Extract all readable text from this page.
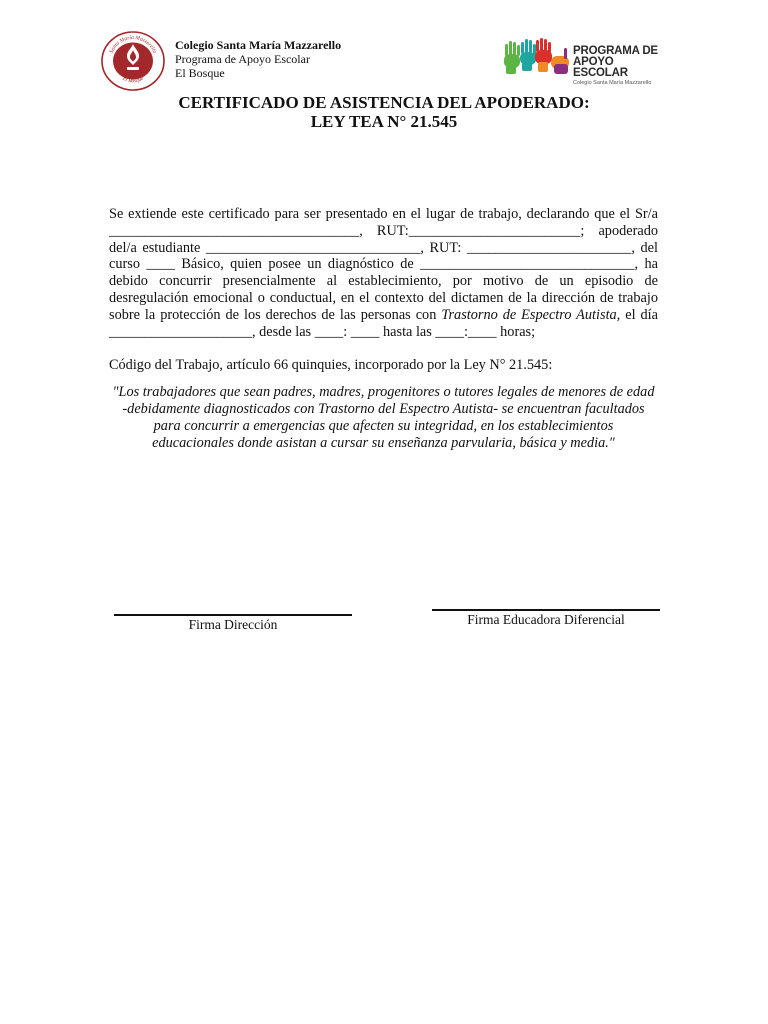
Santa María Mazzarello
El Bosque
Colegio Santa María Mazzarello
Programa de Apoyo Escolar
El Bosque
PROGRAMA DE
APOYO ESCOLAR
Colegio Santa María Mazzarello
CERTIFICADO DE ASISTENCIA DEL APODERADO:
LEY TEA N° 21.545

Se extiende este certificado para ser presentado en el lugar de trabajo, declarando que el Sr/a ___________________________________, RUT:________________________; apoderado del/a estudiante ______________________________, RUT: _______________________, del curso ____ Básico, quien posee un diagnóstico de ______________________________, ha debido concurrir presencialmente al establecimiento, por motivo de un episodio de desregulación emocional o conductual, en el contexto del dictamen de la dirección de trabajo sobre la protección de los derechos de las personas con Trastorno de Espectro Autista, el día ____________________, desde las ____: ____ hasta las ____:____ horas;

Código del Trabajo, artículo 66 quinquies, incorporado por la Ley N° 21.545:

"Los trabajadores que sean padres, madres, progenitores o tutores legales de menores de edad -debidamente diagnosticados con Trastorno del Espectro Autista- se encuentran facultados para concurrir a emergencias que afecten su integridad, en los establecimientos educacionales donde asistan a cursar su enseñanza parvularia, básica y media."

Firma Dirección	Firma Educadora Diferencial
